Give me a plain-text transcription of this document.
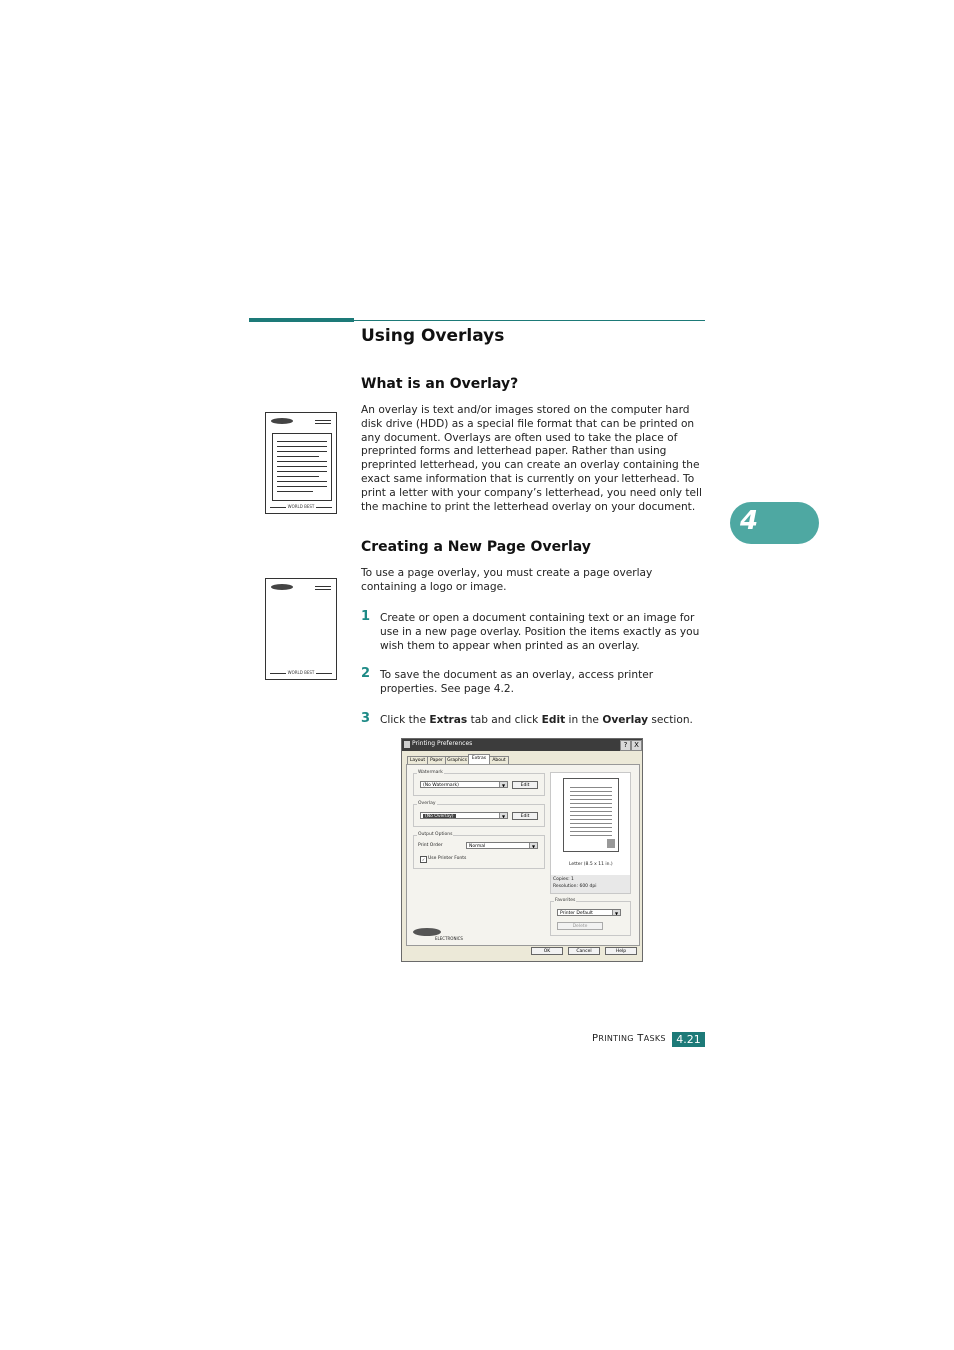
Using Overlays
What is an Overlay?
An overlay is text and/or images stored on the computer hard disk drive (HDD) as a special file format that can be printed on any document. Overlays are often used to take the place of preprinted forms and letterhead paper. Rather than using preprinted letterhead, you can create an overlay containing the exact same information that is currently on your letterhead. To print a letter with your company’s letterhead, you need only tell the machine to print the letterhead overlay on your document.
Creating a New Page Overlay
To use a page overlay, you must create a page overlay containing a logo or image.
1 Create or open a document containing text or an image for use in a new page overlay. Position the items exactly as you wish them to appear when printed as an overlay.
2 To save the document as an overlay, access printer properties. See page 4.2.
3 Click the Extras tab and click Edit in the Overlay section.
WORLD BEST
WORLD BEST
4
Printing Preferences	? X
Layout	Paper Graphics	Extras	About
Watermark
(No Watermark)	▼	Edit
Overlay
(No Overlay)	▼	Edit
Output Options
Print Order	Normal	▼
✓ Use Printer Fonts
Letter (8.5 x 11 in.)
Copies: 1
Resolution: 600 dpi
Favorites
Printer Default	▼
Delete
ELECTRONICS
OK	Cancel	Help
PRINTING TASKS 4.21
